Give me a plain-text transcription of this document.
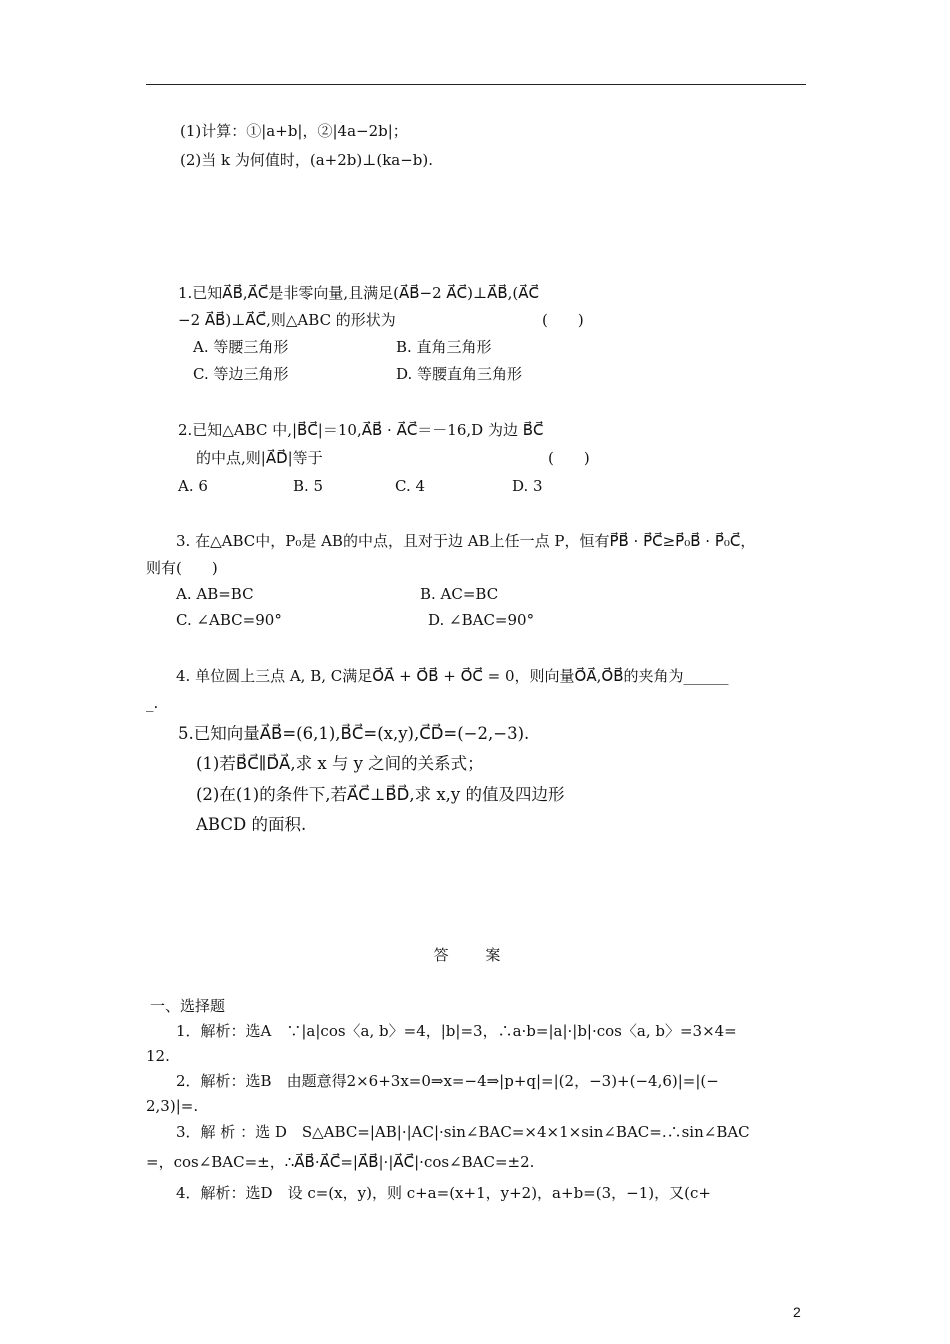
(1)计算：①|a+b|，②|4a−2b|；
(2)当 k 为何值时，(a+2b)⊥(ka−b).
1.已知A⃗B⃗,A⃗C⃗是非零向量,且满足(A⃗B⃗−2 A⃗C⃗)⊥A⃗B⃗,(A⃗C⃗
−2 A⃗B⃗)⊥A⃗C⃗,则△ABC 的形状为	(　　)
A. 等腰三角形	B. 直角三角形
C. 等边三角形	D. 等腰直角三角形
2.已知△ABC 中,|B⃗C⃗|＝10,A⃗B⃗ · A⃗C⃗＝－16,D 为边 B⃗C⃗
的中点,则|A⃗D⃗|等于	(　　)
A. 6	B. 5	C. 4	D. 3
3. 在△ABC中，P₀是 AB的中点，且对于边 AB上任一点 P，恒有P⃗B⃗ · P⃗C⃗≥P⃗₀B⃗ · P⃗₀C⃗，
则有(　　)
A. AB=BC	B. AC=BC
C. ∠ABC=90°	D. ∠BAC=90°
4. 单位圆上三点 A, B, C满足O⃗A⃗ + O⃗B⃗ + O⃗C⃗ = 0，则向量O⃗A⃗,O⃗B⃗的夹角为______
_.
5.已知向量A⃗B⃗=(6,1),B⃗C⃗=(x,y),C⃗D⃗=(−2,−3).
(1)若B⃗C⃗∥D⃗A⃗,求 x 与 y 之间的关系式；
(2)在(1)的条件下,若A⃗C⃗⊥B⃗D⃗,求 x,y 的值及四边形
ABCD 的面积.
答 案
一、选择题
1．解析：选A　∵|a|cos〈a, b〉=4，|b|=3，∴a·b=|a|·|b|·cos〈a, b〉=3×4=
12.
2．解析：选B　由题意得2×6+3x=0⇒x=−4⇒|p+q|=|(2，−3)+(−4,6)|=|(−
2,3)|=.
3．解 析 ：选 D　S△ABC=|AB|·|AC|·sin∠BAC=×4×1×sin∠BAC=.∴sin∠BAC
=，cos∠BAC=±，∴A⃗B⃗·A⃗C⃗=|A⃗B⃗|·|A⃗C⃗|·cos∠BAC=±2.
4．解析：选D　设 c=(x，y)，则 c+a=(x+1，y+2)，a+b=(3，−1)，又(c+
2
